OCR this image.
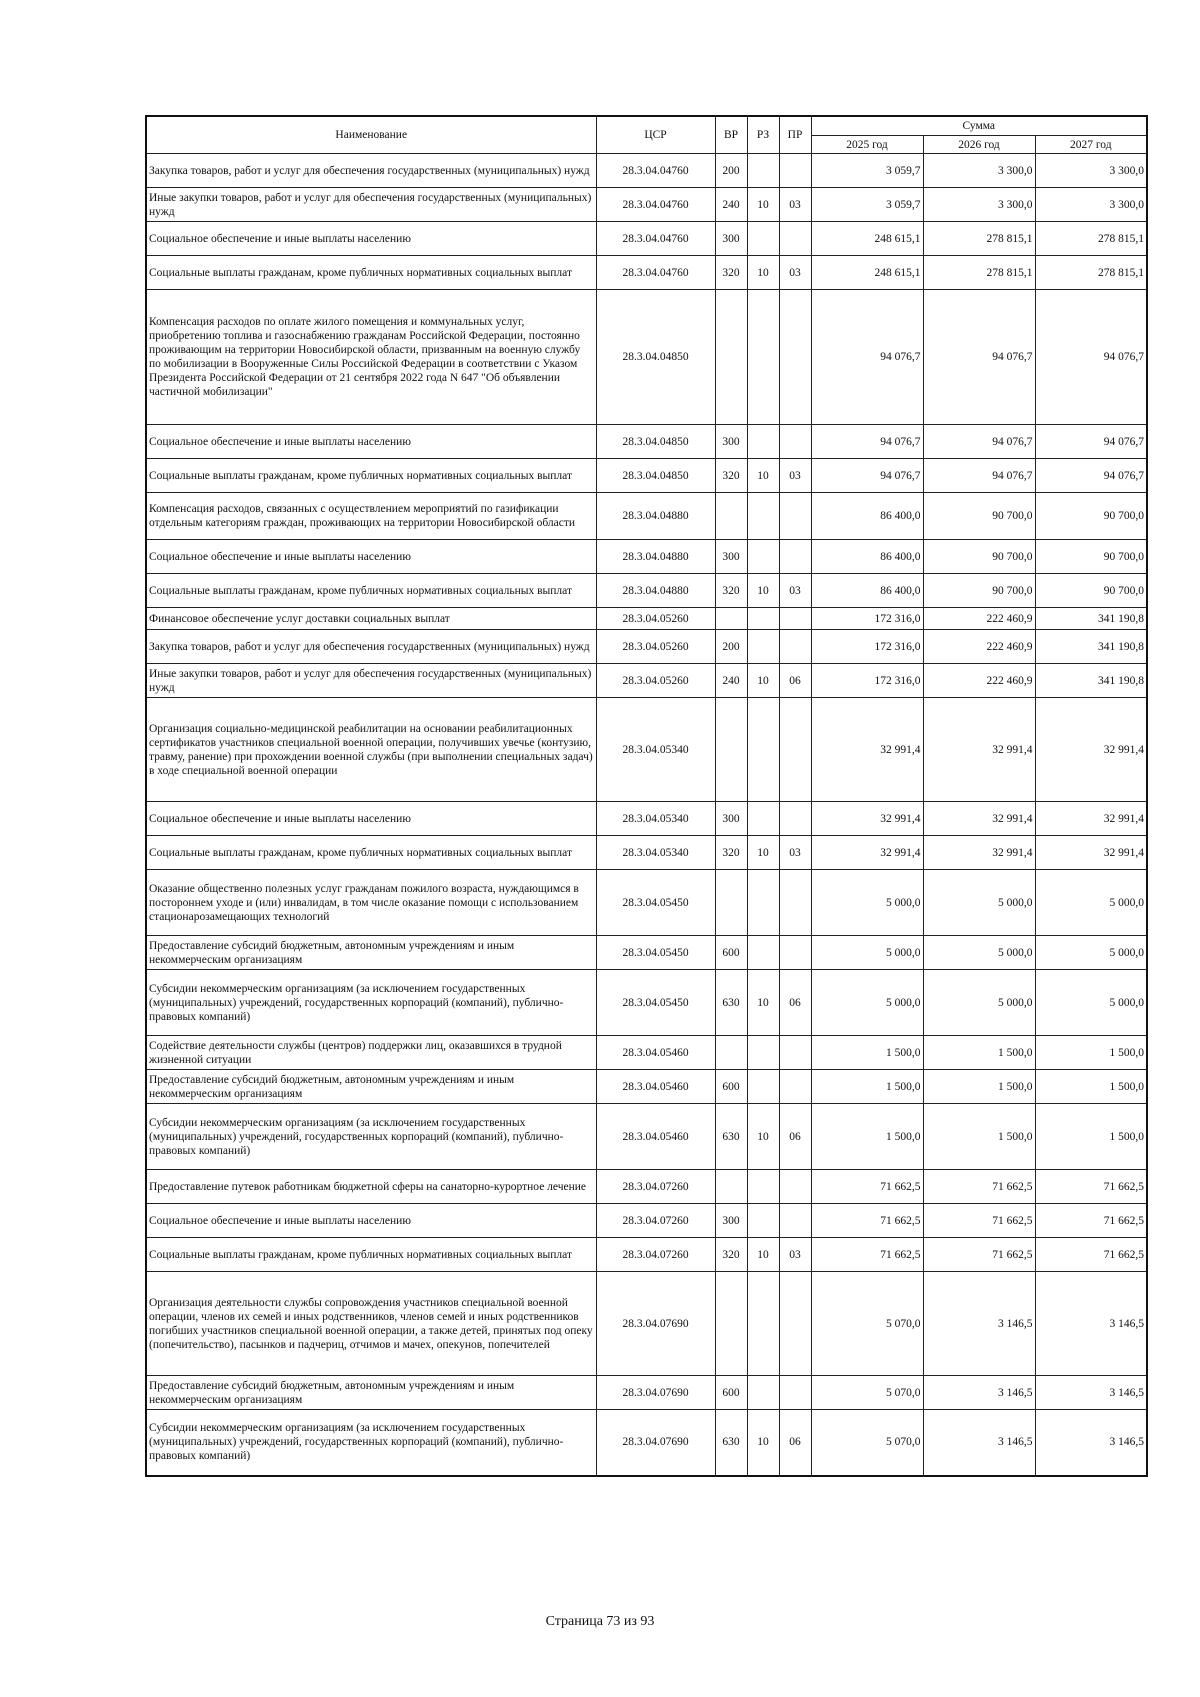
Наименование	ЦСР	ВР	РЗ	ПР	Сумма		
					2025 год	2026 год	2027 год
Закупка товаров, работ и услуг для обеспечения государственных (муниципальных) нужд	28.3.04.04760	200			3 059,7	3 300,0	3 300,0
Иные закупки товаров, работ и услуг для обеспечения государственных (муниципальных) нужд	28.3.04.04760	240	10	03	3 059,7	3 300,0	3 300,0
Социальное обеспечение и иные выплаты населению	28.3.04.04760	300			248 615,1	278 815,1	278 815,1
Социальные выплаты гражданам, кроме публичных нормативных социальных выплат	28.3.04.04760	320	10	03	248 615,1	278 815,1	278 815,1
Компенсация расходов по оплате жилого помещения и коммунальных услуг, приобретению топлива и газоснабжению гражданам Российской Федерации, постоянно проживающим на территории Новосибирской области, призванным на военную службу по мобилизации в Вооруженные Силы Российской Федерации в соответствии с Указом Президента Российской Федерации от 21 сентября 2022 года N 647 "Об объявлении частичной мобилизации"	28.3.04.04850				94 076,7	94 076,7	94 076,7
Социальное обеспечение и иные выплаты населению	28.3.04.04850	300			94 076,7	94 076,7	94 076,7
Социальные выплаты гражданам, кроме публичных нормативных социальных выплат	28.3.04.04850	320	10	03	94 076,7	94 076,7	94 076,7
Компенсация расходов, связанных с осуществлением мероприятий по газификации отдельным категориям граждан, проживающих на территории Новосибирской области	28.3.04.04880				86 400,0	90 700,0	90 700,0
Социальное обеспечение и иные выплаты населению	28.3.04.04880	300			86 400,0	90 700,0	90 700,0
Социальные выплаты гражданам, кроме публичных нормативных социальных выплат	28.3.04.04880	320	10	03	86 400,0	90 700,0	90 700,0
Финансовое обеспечение услуг доставки социальных выплат	28.3.04.05260				172 316,0	222 460,9	341 190,8
Закупка товаров, работ и услуг для обеспечения государственных (муниципальных) нужд	28.3.04.05260	200			172 316,0	222 460,9	341 190,8
Иные закупки товаров, работ и услуг для обеспечения государственных (муниципальных) нужд	28.3.04.05260	240	10	06	172 316,0	222 460,9	341 190,8
Организация социально-медицинской реабилитации на основании реабилитационных сертификатов участников специальной военной операции, получивших увечье (контузию, травму, ранение) при прохождении военной службы (при выполнении специальных задач) в ходе специальной военной операции	28.3.04.05340				32 991,4	32 991,4	32 991,4
Социальное обеспечение и иные выплаты населению	28.3.04.05340	300			32 991,4	32 991,4	32 991,4
Социальные выплаты гражданам, кроме публичных нормативных социальных выплат	28.3.04.05340	320	10	03	32 991,4	32 991,4	32 991,4
Оказание общественно полезных услуг гражданам пожилого возраста, нуждающимся в постороннем уходе и (или) инвалидам, в том числе оказание помощи с использованием стационарозамещающих технологий	28.3.04.05450				5 000,0	5 000,0	5 000,0
Предоставление субсидий бюджетным, автономным учреждениям и иным некоммерческим организациям	28.3.04.05450	600			5 000,0	5 000,0	5 000,0
Субсидии некоммерческим организациям (за исключением государственных (муниципальных) учреждений, государственных корпораций (компаний), публично-правовых компаний)	28.3.04.05450	630	10	06	5 000,0	5 000,0	5 000,0
Содействие деятельности службы (центров) поддержки лиц, оказавшихся в трудной жизненной ситуации	28.3.04.05460				1 500,0	1 500,0	1 500,0
Предоставление субсидий бюджетным, автономным учреждениям и иным некоммерческим организациям	28.3.04.05460	600			1 500,0	1 500,0	1 500,0
Субсидии некоммерческим организациям (за исключением государственных (муниципальных) учреждений, государственных корпораций (компаний), публично-правовых компаний)	28.3.04.05460	630	10	06	1 500,0	1 500,0	1 500,0
Предоставление путевок работникам бюджетной сферы на санаторно-курортное лечение	28.3.04.07260				71 662,5	71 662,5	71 662,5
Социальное обеспечение и иные выплаты населению	28.3.04.07260	300			71 662,5	71 662,5	71 662,5
Социальные выплаты гражданам, кроме публичных нормативных социальных выплат	28.3.04.07260	320	10	03	71 662,5	71 662,5	71 662,5
Организация деятельности службы сопровождения участников специальной военной операции, членов их семей и иных родственников, членов семей и иных родственников погибших участников специальной военной операции, а также детей, принятых под опеку (попечительство), пасынков и падчериц, отчимов и мачех, опекунов, попечителей	28.3.04.07690				5 070,0	3 146,5	3 146,5
Предоставление субсидий бюджетным, автономным учреждениям и иным некоммерческим организациям	28.3.04.07690	600			5 070,0	3 146,5	3 146,5
Субсидии некоммерческим организациям (за исключением государственных (муниципальных) учреждений, государственных корпораций (компаний), публично-правовых компаний)	28.3.04.07690	630	10	06	5 070,0	3 146,5	3 146,5
Страница 73 из 93
